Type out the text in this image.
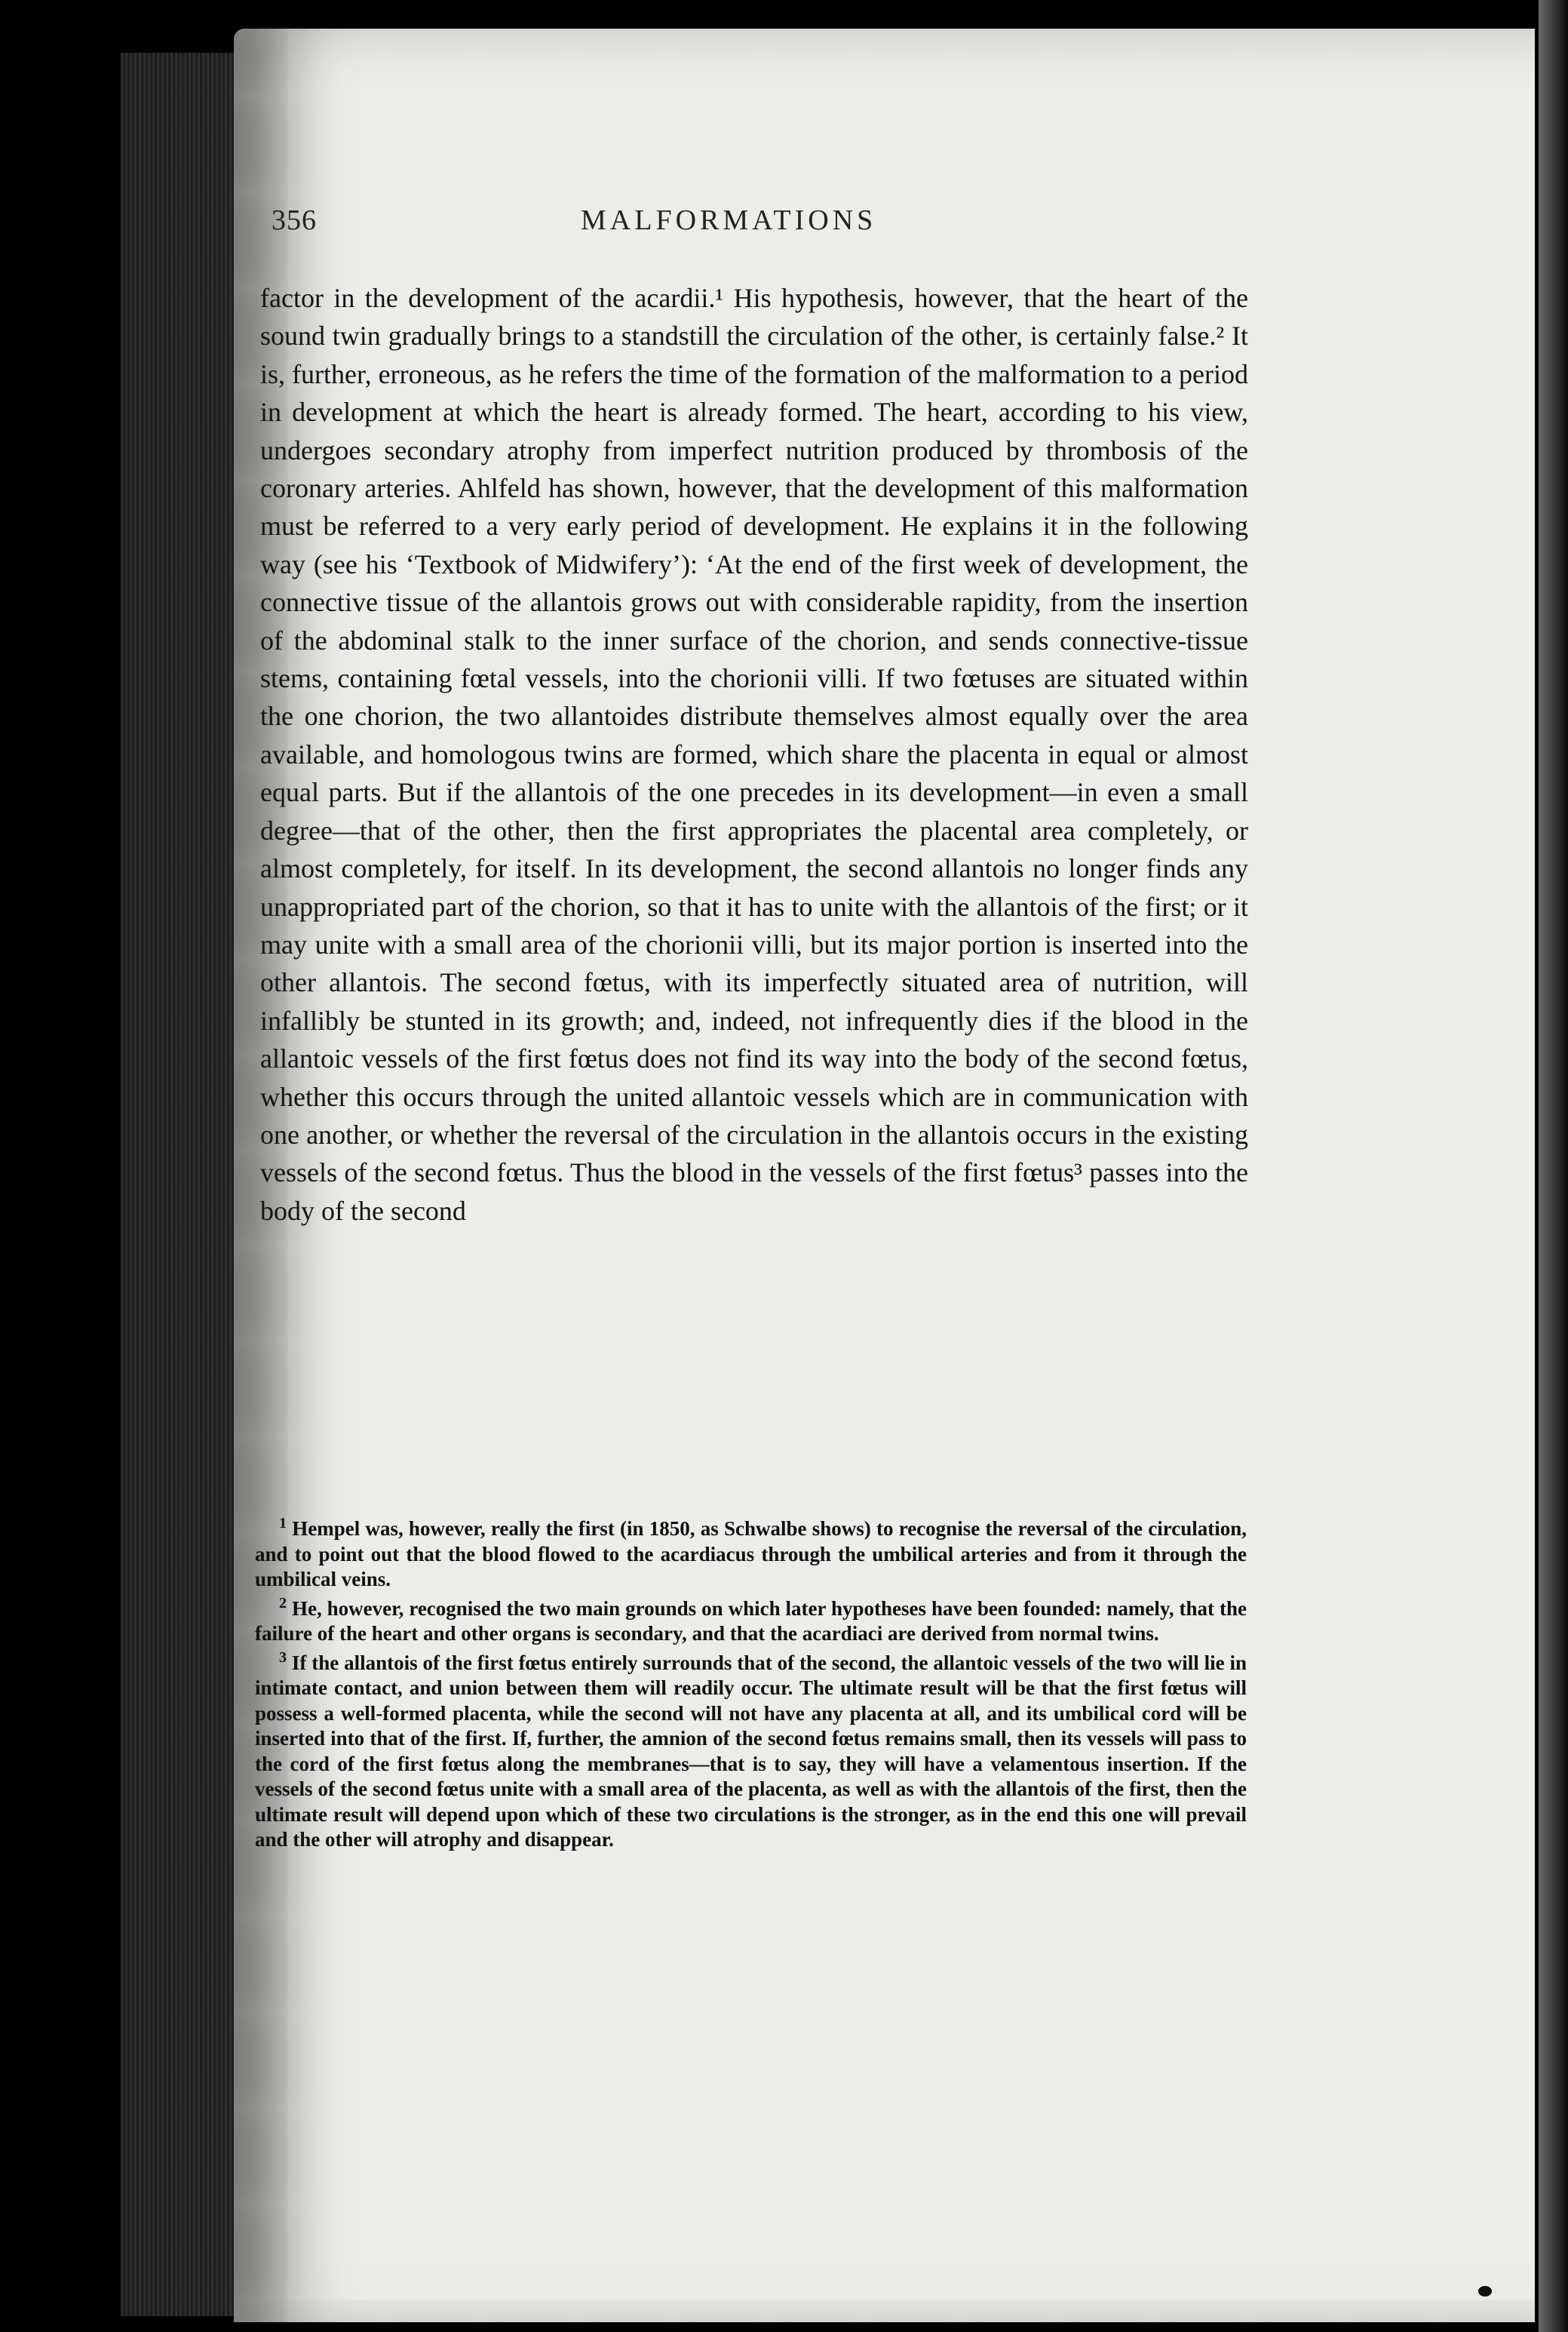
356	MALFORMATIONS

factor in the development of the acardii.¹ His hypothesis, however, that the heart of the sound twin gradually brings to a standstill the circulation of the other, is certainly false.² It is, further, erroneous, as he refers the time of the formation of the malformation to a period in development at which the heart is already formed. The heart, according to his view, undergoes secondary atrophy from imperfect nutrition produced by thrombosis of the coronary arteries. Ahlfeld has shown, however, that the development of this malformation must be referred to a very early period of development. He explains it in the following way (see his ‘Textbook of Midwifery’): ‘At the end of the first week of development, the connective tissue of the allantois grows out with considerable rapidity, from the insertion of the abdominal stalk to the inner surface of the chorion, and sends connective-tissue stems, containing fœtal vessels, into the chorionii villi. If two fœtuses are situated within the one chorion, the two allantoides distribute themselves almost equally over the area available, and homologous twins are formed, which share the placenta in equal or almost equal parts. But if the allantois of the one precedes in its development—in even a small degree—that of the other, then the first appropriates the placental area completely, or almost completely, for itself. In its development, the second allantois no longer finds any unappropriated part of the chorion, so that it has to unite with the allantois of the first; or it may unite with a small area of the chorionii villi, but its major portion is inserted into the other allantois. The second fœtus, with its imperfectly situated area of nutrition, will infallibly be stunted in its growth; and, indeed, not infrequently dies if the blood in the allantoic vessels of the first fœtus does not find its way into the body of the second fœtus, whether this occurs through the united allantoic vessels which are in communication with one another, or whether the reversal of the circulation in the allantois occurs in the existing vessels of the second fœtus. Thus the blood in the vessels of the first fœtus³ passes into the body of the second

$^1$ Hempel was, however, really the first (in 1850, as Schwalbe shows) to recognise the reversal of the circulation, and to point out that the blood flowed to the acardiacus through the umbilical arteries and from it through the umbilical veins.

$^2$ He, however, recognised the two main grounds on which later hypotheses have been founded: namely, that the failure of the heart and other organs is secondary, and that the acardiaci are derived from normal twins.

$^3$ If the allantois of the first fœtus entirely surrounds that of the second, the allantoic vessels of the two will lie in intimate contact, and union between them will readily occur. The ultimate result will be that the first fœtus will possess a well-formed placenta, while the second will not have any placenta at all, and its umbilical cord will be inserted into that of the first. If, further, the amnion of the second fœtus remains small, then its vessels will pass to the cord of the first fœtus along the membranes—that is to say, they will have a velamentous insertion. If the vessels of the second fœtus unite with a small area of the placenta, as well as with the allantois of the first, then the ultimate result will depend upon which of these two circulations is the stronger, as in the end this one will prevail and the other will atrophy and disappear.
